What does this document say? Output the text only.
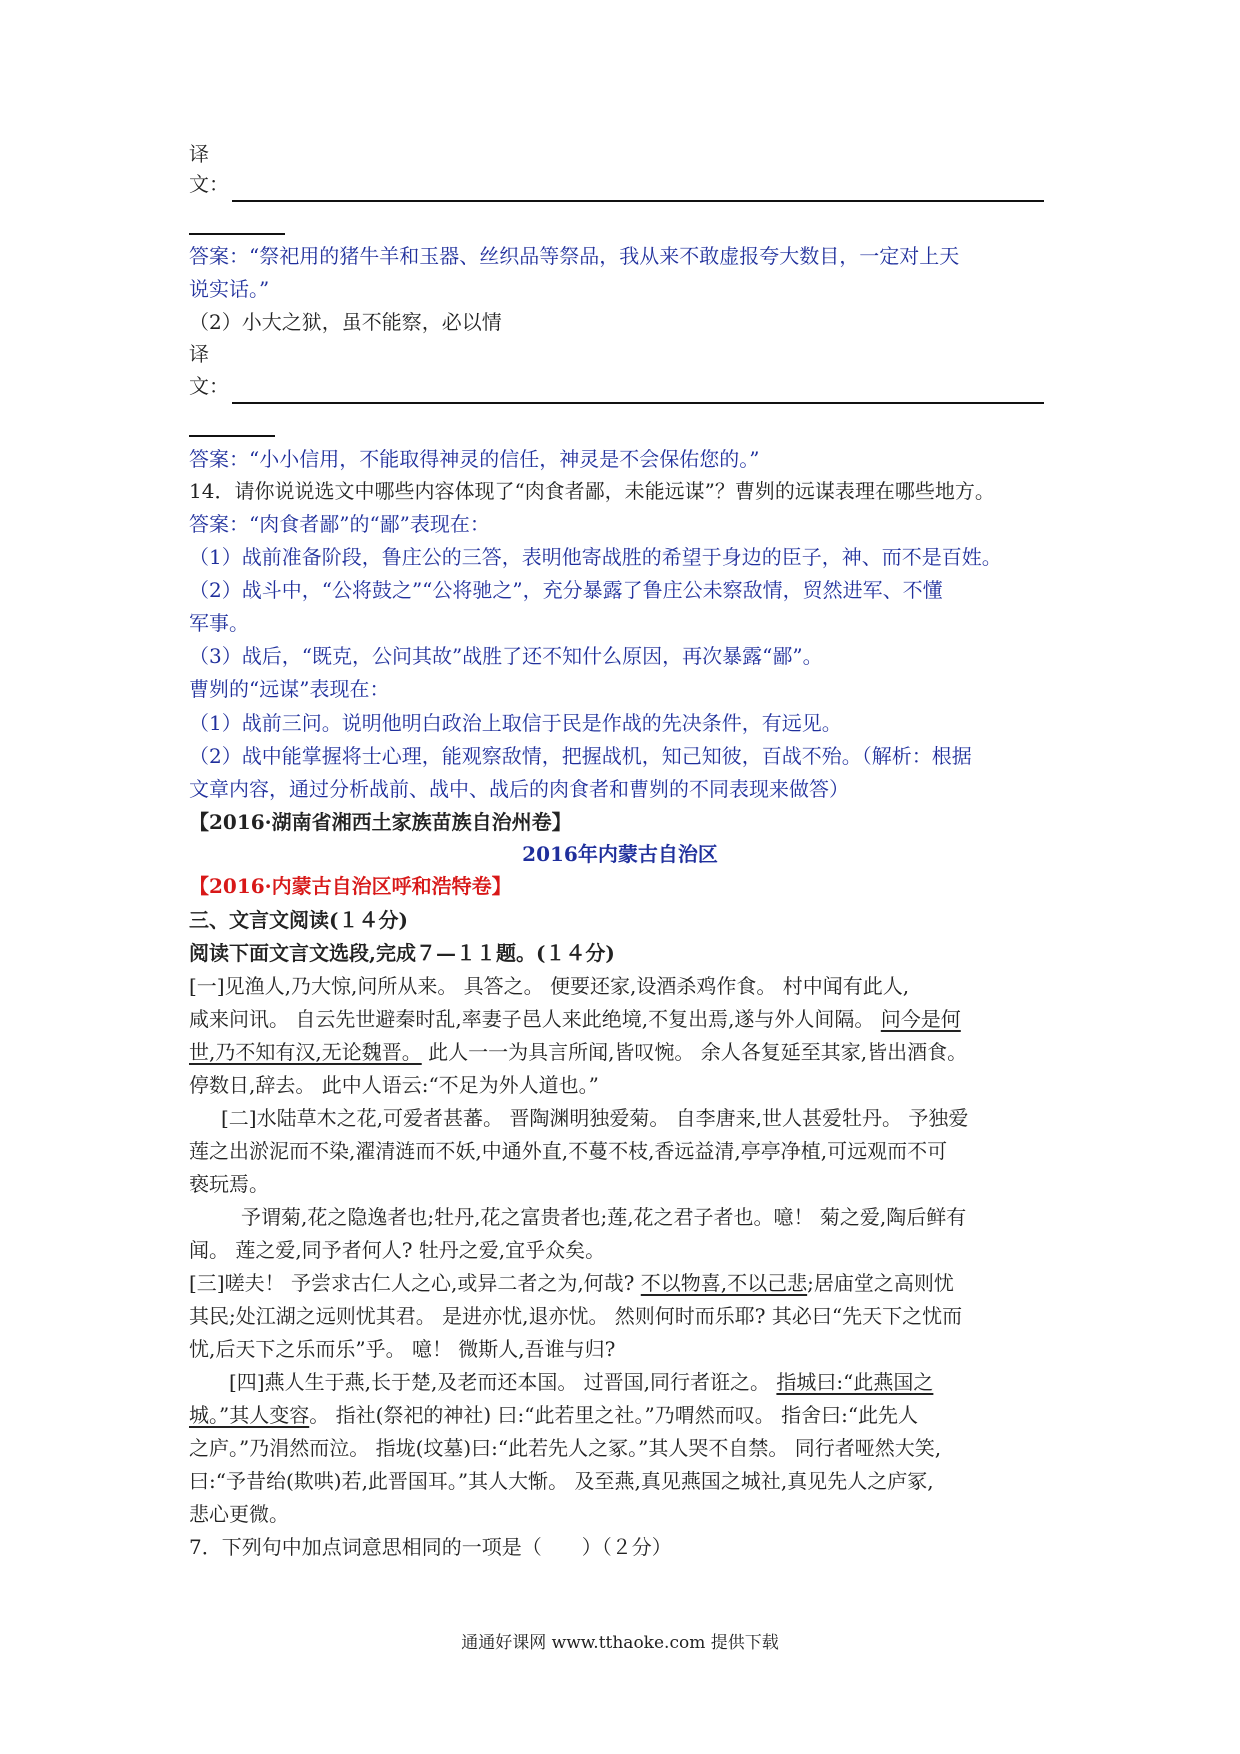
译
文：
答案：“祭祀用的猪牛羊和玉器、丝织品等祭品，我从来不敢虚报夸大数目，一定对上天
说实话。”
（2）小大之狱，虽不能察，必以情
译
文：
答案：“小小信用，不能取得神灵的信任，神灵是不会保佑您的。”
14．请你说说选文中哪些内容体现了“肉食者鄙，未能远谋”？曹刿的远谋表理在哪些地方。
答案：“肉食者鄙”的“鄙”表现在：
（1）战前准备阶段，鲁庄公的三答，表明他寄战胜的希望于身边的臣子，神、而不是百姓。
（2）战斗中，“公将鼓之”“公将驰之”，充分暴露了鲁庄公未察敌情，贸然进军、不懂
军事。
（3）战后，“既克，公问其故”战胜了还不知什么原因，再次暴露“鄙”。
曹刿的“远谋”表现在：
（1）战前三问。说明他明白政治上取信于民是作战的先决条件，有远见。
（2）战中能掌握将士心理，能观察敌情，把握战机，知己知彼，百战不殆。（解析：根据
文章内容，通过分析战前、战中、战后的肉食者和曹刿的不同表现来做答）
【2016·湖南省湘西土家族苗族自治州卷】
2016年内蒙古自治区
【2016·内蒙古自治区呼和浩特卷】
三、文言文阅读(１４分)
阅读下面文言文选段,完成７—１１题。(１４分)
[一]见渔人,乃大惊,问所从来。 具答之。 便要还家,设酒杀鸡作食。 村中闻有此人,
咸来问讯。 自云先世避秦时乱,率妻子邑人来此绝境,不复出焉,遂与外人间隔。 问今是何
世,乃不知有汉,无论魏晋。 此人一一为具言所闻,皆叹惋。 余人各复延至其家,皆出酒食。
停数日,辞去。 此中人语云:“不足为外人道也。”
[二]水陆草木之花,可爱者甚蕃。 晋陶渊明独爱菊。 自李唐来,世人甚爱牡丹。 予独爱
莲之出淤泥而不染,濯清涟而不妖,中通外直,不蔓不枝,香远益清,亭亭净植,可远观而不可
亵玩焉。
予谓菊,花之隐逸者也;牡丹,花之富贵者也;莲,花之君子者也。噫！ 菊之爱,陶后鲜有
闻。 莲之爱,同予者何人? 牡丹之爱,宜乎众矣。
[三]嗟夫！ 予尝求古仁人之心,或异二者之为,何哉? 不以物喜,不以己悲;居庙堂之高则忧
其民;处江湖之远则忧其君。 是进亦忧,退亦忧。 然则何时而乐耶? 其必曰“先天下之忧而
忧,后天下之乐而乐”乎。 噫！ 微斯人,吾谁与归?
[四]燕人生于燕,长于楚,及老而还本国。 过晋国,同行者诳之。 指城曰:“此燕国之
城。”其人变容。 指社(祭祀的神社) 曰:“此若里之社。”乃喟然而叹。 指舍曰:“此先人
之庐。”乃涓然而泣。 指垅(坟墓)曰:“此若先人之冢。”其人哭不自禁。 同行者哑然大笑,
曰:“予昔绐(欺哄)若,此晋国耳。”其人大惭。 及至燕,真见燕国之城社,真见先人之庐冢,
悲心更微。
7．下列句中加点词意思相同的一项是（　　）（２分）
通通好课网 www.tthaoke.com 提供下载
